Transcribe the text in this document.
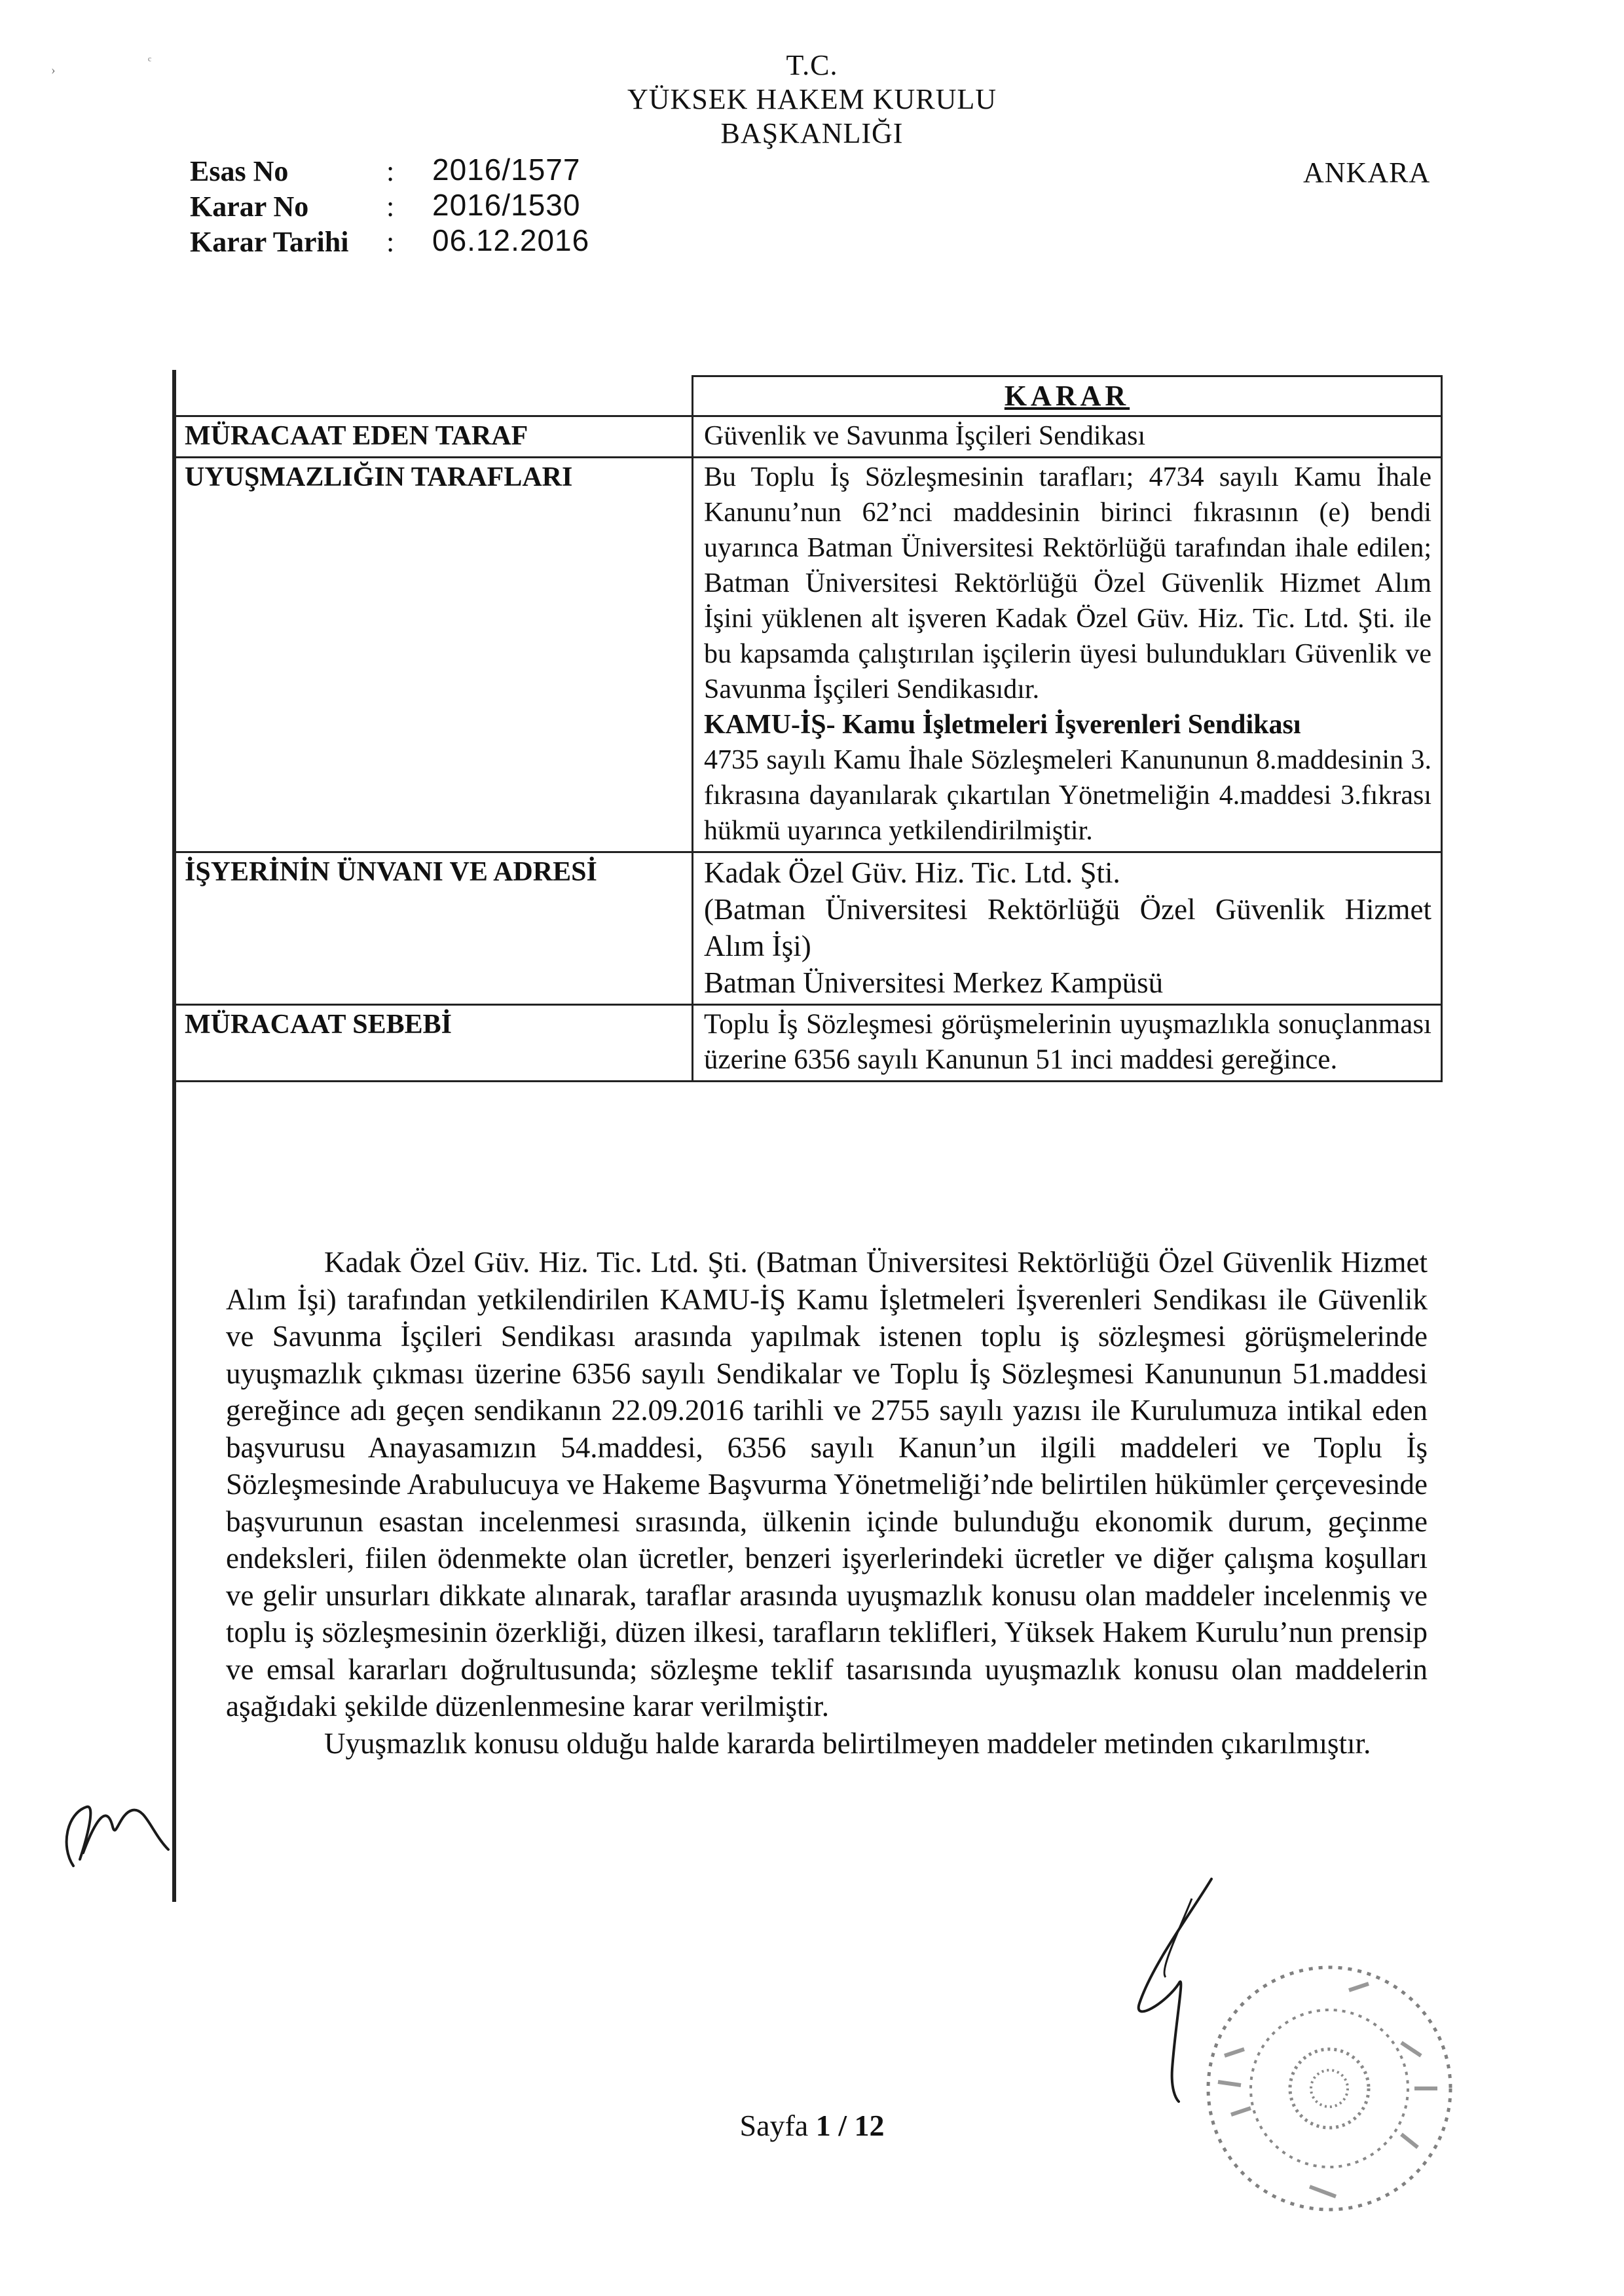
›
ᶜ	T.C.
YÜKSEK HAKEM KURULU
BAŞKANLIĞI
ANKARA
Esas No	: 2016/1577
Karar No	: 2016/1530
Karar Tarihi : 06.12.2016
	KARAR
MÜRACAAT EDEN TARAF	Güvenlik ve Savunma İşçileri Sendikası

UYUŞMAZLIĞIN TARAFLARI	Bu Toplu İş Sözleşmesinin tarafları; 4734 sayılı Kamu İhale Kanunu’nun 62’nci maddesinin birinci fıkrasının (e) bendi uyarınca Batman Üniversitesi Rektörlüğü tarafından ihale edilen; Batman Üniversitesi Rektörlüğü Özel Güvenlik Hizmet Alım İşini yüklenen alt işveren Kadak Özel Güv. Hiz. Tic. Ltd. Şti. ile bu kapsamda çalıştırılan işçilerin üyesi bulundukları Güvenlik ve Savunma İşçileri Sendikasıdır.
KAMU-İŞ- Kamu İşletmeleri İşverenleri Sendikası
4735 sayılı Kamu İhale Sözleşmeleri Kanununun 8.maddesinin 3. fıkrasına dayanılarak çıkartılan Yönetmeliğin 4.maddesi 3.fıkrası hükmü uyarınca yetkilendirilmiştir.

İŞYERİNİN ÜNVANI VE ADRESİ	Kadak Özel Güv. Hiz. Tic. Ltd. Şti.
(Batman Üniversitesi Rektörlüğü Özel Güvenlik Hizmet Alım İşi)
Batman Üniversitesi Merkez Kampüsü

MÜRACAAT SEBEBİ	Toplu İş Sözleşmesi görüşmelerinin uyuşmazlıkla sonuçlanması üzerine 6356 sayılı Kanunun 51 inci maddesi gereğince.

Kadak Özel Güv. Hiz. Tic. Ltd. Şti. (Batman Üniversitesi Rektörlüğü Özel Güvenlik Hizmet Alım İşi) tarafından yetkilendirilen KAMU-İŞ Kamu İşletmeleri İşverenleri Sendikası ile Güvenlik ve Savunma İşçileri Sendikası arasında yapılmak istenen toplu iş sözleşmesi görüşmelerinde uyuşmazlık çıkması üzerine 6356 sayılı Sendikalar ve Toplu İş Sözleşmesi Kanununun 51.maddesi gereğince adı geçen sendikanın 22.09.2016 tarihli ve 2755 sayılı yazısı ile Kurulumuza intikal eden başvurusu Anayasamızın 54.maddesi, 6356 sayılı Kanun’un ilgili maddeleri ve Toplu İş Sözleşmesinde Arabulucuya ve Hakeme Başvurma Yönetmeliği’nde belirtilen hükümler çerçevesinde başvurunun esastan incelenmesi sırasında, ülkenin içinde bulunduğu ekonomik durum, geçinme endeksleri, fiilen ödenmekte olan ücretler, benzeri işyerlerindeki ücretler ve diğer çalışma koşulları ve gelir unsurları dikkate alınarak, taraflar arasında uyuşmazlık konusu olan maddeler incelenmiş ve toplu iş sözleşmesinin özerkliği, düzen ilkesi, tarafların teklifleri, Yüksek Hakem Kurulu’nun prensip ve emsal kararları doğrultusunda; sözleşme teklif tasarısında uyuşmazlık konusu olan maddelerin aşağıdaki şekilde düzenlenmesine karar verilmiştir.

Uyuşmazlık konusu olduğu halde kararda belirtilmeyen maddeler metinden çıkarılmıştır.

Sayfa 1 / 12
